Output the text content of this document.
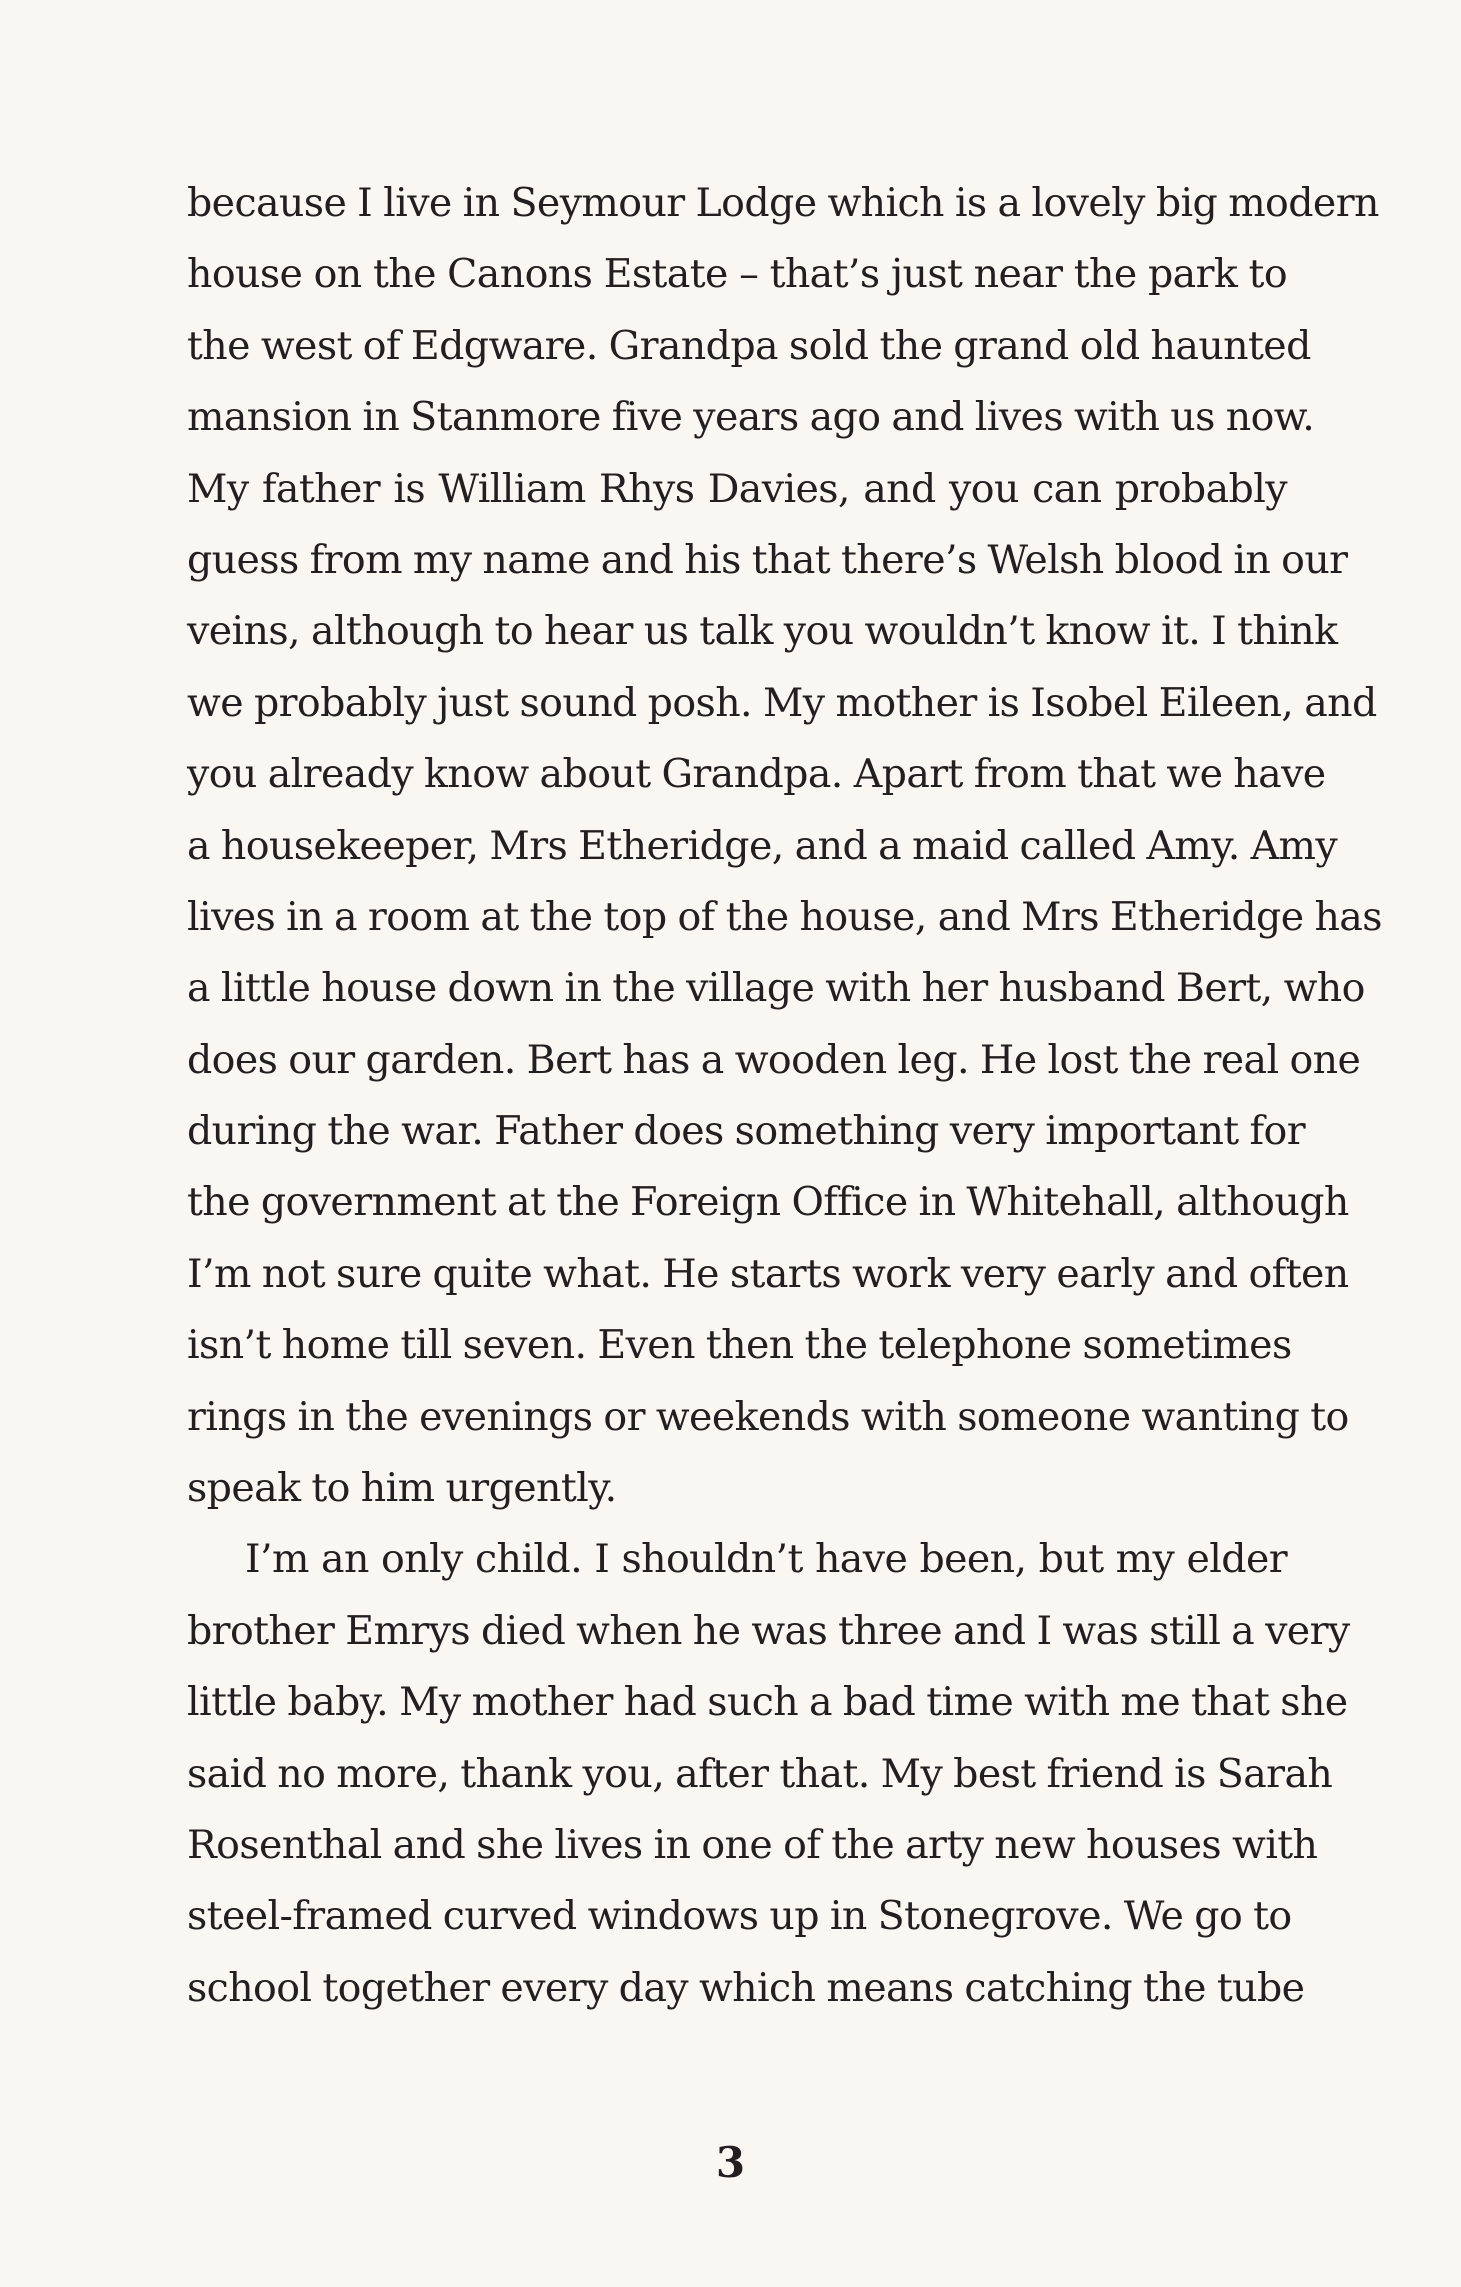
because I live in Seymour Lodge which is a lovely big modern
house on the Canons Estate – that’s just near the park to
the west of Edgware. Grandpa sold the grand old haunted
mansion in Stanmore five years ago and lives with us now.
My father is William Rhys Davies, and you can probably
guess from my name and his that there’s Welsh blood in our
veins, although to hear us talk you wouldn’t know it. I think
we probably just sound posh. My mother is Isobel Eileen, and
you already know about Grandpa. Apart from that we have
a housekeeper, Mrs Etheridge, and a maid called Amy. Amy
lives in a room at the top of the house, and Mrs Etheridge has
a little house down in the village with her husband Bert, who
does our garden. Bert has a wooden leg. He lost the real one
during the war. Father does something very important for
the government at the Foreign Office in Whitehall, although
I’m not sure quite what. He starts work very early and often
isn’t home till seven. Even then the telephone sometimes
rings in the evenings or weekends with someone wanting to
speak to him urgently.
I’m an only child. I shouldn’t have been, but my elder
brother Emrys died when he was three and I was still a very
little baby. My mother had such a bad time with me that she
said no more, thank you, after that. My best friend is Sarah
Rosenthal and she lives in one of the arty new houses with
steel-framed curved windows up in Stonegrove. We go to
school together every day which means catching the tube
3
